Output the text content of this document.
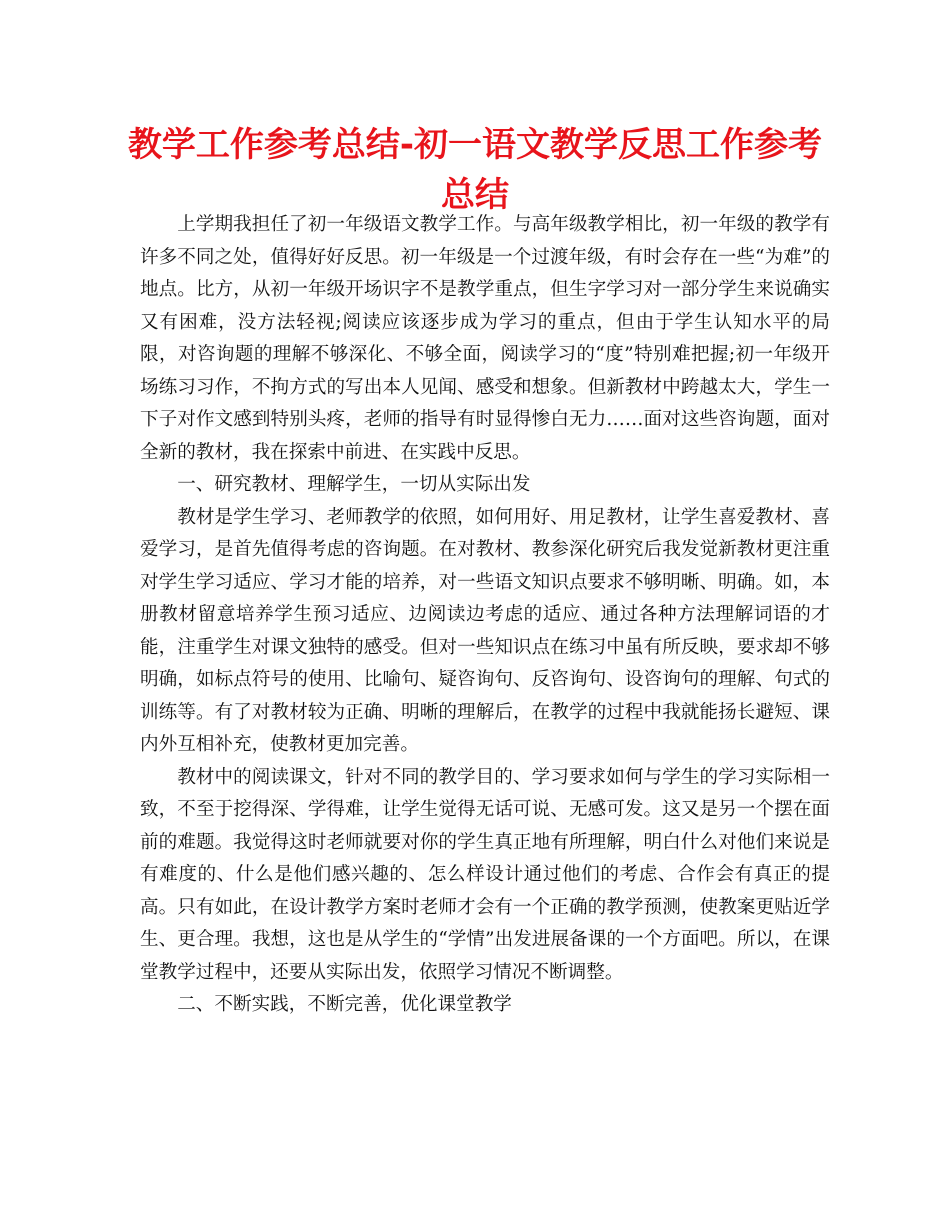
教学工作参考总结-初一语文教学反思工作参考总结

上学期我担任了初一年级语文教学工作。与高年级教学相比，初一年级的教学有许多不同之处，值得好好反思。初一年级是一个过渡年级，有时会存在一些“为难”的地点。比方，从初一年级开场识字不是教学重点，但生字学习对一部分学生来说确实又有困难，没方法轻视;阅读应该逐步成为学习的重点，但由于学生认知水平的局限，对咨询题的理解不够深化、不够全面，阅读学习的“度”特别难把握;初一年级开场练习习作，不拘方式的写出本人见闻、感受和想象。但新教材中跨越太大，学生一下子对作文感到特别头疼，老师的指导有时显得惨白无力……面对这些咨询题，面对全新的教材，我在探索中前进、在实践中反思。

一、研究教材、理解学生，一切从实际出发

教材是学生学习、老师教学的依照，如何用好、用足教材，让学生喜爱教材、喜爱学习，是首先值得考虑的咨询题。在对教材、教参深化研究后我发觉新教材更注重对学生学习适应、学习才能的培养，对一些语文知识点要求不够明晰、明确。如，本册教材留意培养学生预习适应、边阅读边考虑的适应、通过各种方法理解词语的才能，注重学生对课文独特的感受。但对一些知识点在练习中虽有所反映，要求却不够明确，如标点符号的使用、比喻句、疑咨询句、反咨询句、设咨询句的理解、句式的训练等。有了对教材较为正确、明晰的理解后，在教学的过程中我就能扬长避短、课内外互相补充，使教材更加完善。

教材中的阅读课文，针对不同的教学目的、学习要求如何与学生的学习实际相一致，不至于挖得深、学得难，让学生觉得无话可说、无感可发。这又是另一个摆在面前的难题。我觉得这时老师就要对你的学生真正地有所理解，明白什么对他们来说是有难度的、什么是他们感兴趣的、怎么样设计通过他们的考虑、合作会有真正的提高。只有如此，在设计教学方案时老师才会有一个正确的教学预测，使教案更贴近学生、更合理。我想，这也是从学生的“学情”出发进展备课的一个方面吧。所以，在课堂教学过程中，还要从实际出发，依照学习情况不断调整。

二、不断实践，不断完善，优化课堂教学
